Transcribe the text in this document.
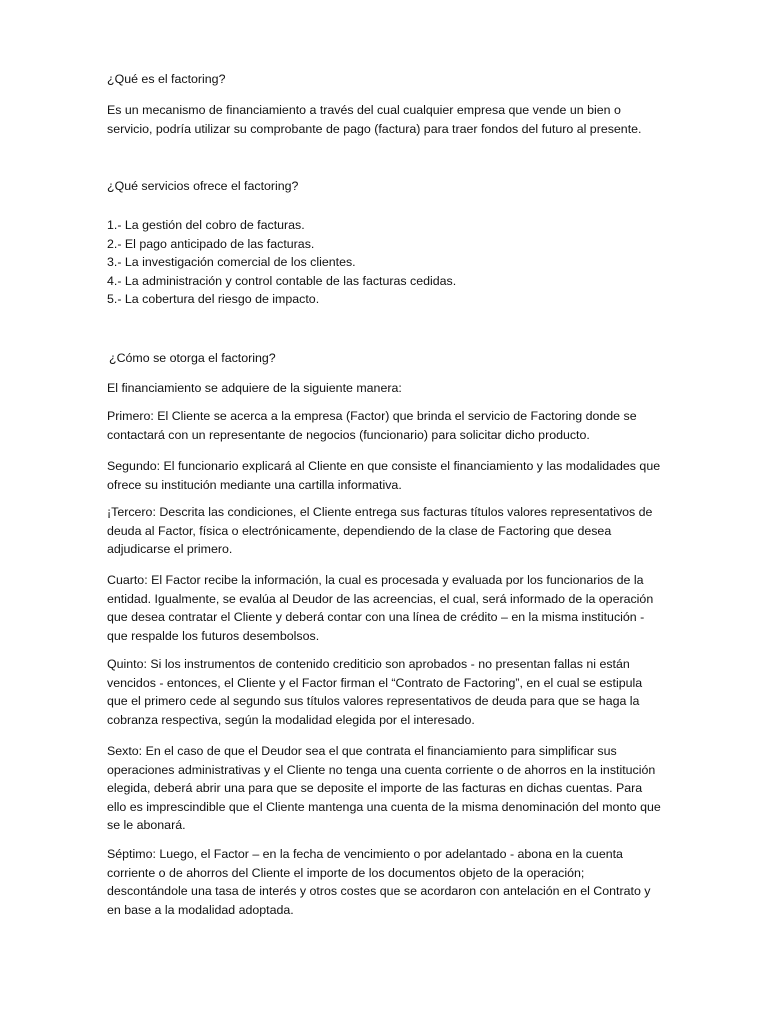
¿Qué es el factoring?

Es un mecanismo de financiamiento a través del cual cualquier empresa que vende un bien o servicio, podría utilizar su comprobante de pago (factura) para traer fondos del futuro al presente.

¿Qué servicios ofrece el factoring?

1.- La gestión del cobro de facturas.
2.- El pago anticipado de las facturas.
3.- La investigación comercial de los clientes.
4.- La administración y control contable de las facturas cedidas.
5.- La cobertura del riesgo de impacto.

¿Cómo se otorga el factoring?

El financiamiento se adquiere de la siguiente manera:

Primero: El Cliente se acerca a la empresa (Factor) que brinda el servicio de Factoring donde se contactará con un representante de negocios (funcionario) para solicitar dicho producto.

Segundo: El funcionario explicará al Cliente en que consiste el financiamiento y las modalidades que ofrece su institución mediante una cartilla informativa.

¡Tercero: Descrita las condiciones, el Cliente entrega sus facturas títulos valores representativos de deuda al Factor, física o electrónicamente, dependiendo de la clase de Factoring que desea adjudicarse el primero.

Cuarto: El Factor recibe la información, la cual es procesada y evaluada por los funcionarios de la entidad. Igualmente, se evalúa al Deudor de las acreencias, el cual, será informado de la operación que desea contratar el Cliente y deberá contar con una línea de crédito – en la misma institución - que respalde los futuros desembolsos.

Quinto: Si los instrumentos de contenido crediticio son aprobados - no presentan fallas ni están vencidos - entonces, el Cliente y el Factor firman el “Contrato de Factoring”, en el cual se estipula que el primero cede al segundo sus títulos valores representativos de deuda para que se haga la cobranza respectiva, según la modalidad elegida por el interesado.

Sexto: En el caso de que el Deudor sea el que contrata el financiamiento para simplificar sus operaciones administrativas y el Cliente no tenga una cuenta corriente o de ahorros en la institución elegida, deberá abrir una para que se deposite el importe de las facturas en dichas cuentas. Para ello es imprescindible que el Cliente mantenga una cuenta de la misma denominación del monto que se le abonará.

Séptimo: Luego, el Factor – en la fecha de vencimiento o por adelantado - abona en la cuenta corriente o de ahorros del Cliente el importe de los documentos objeto de la operación; descontándole una tasa de interés y otros costes que se acordaron con antelación en el Contrato y en base a la modalidad adoptada.
